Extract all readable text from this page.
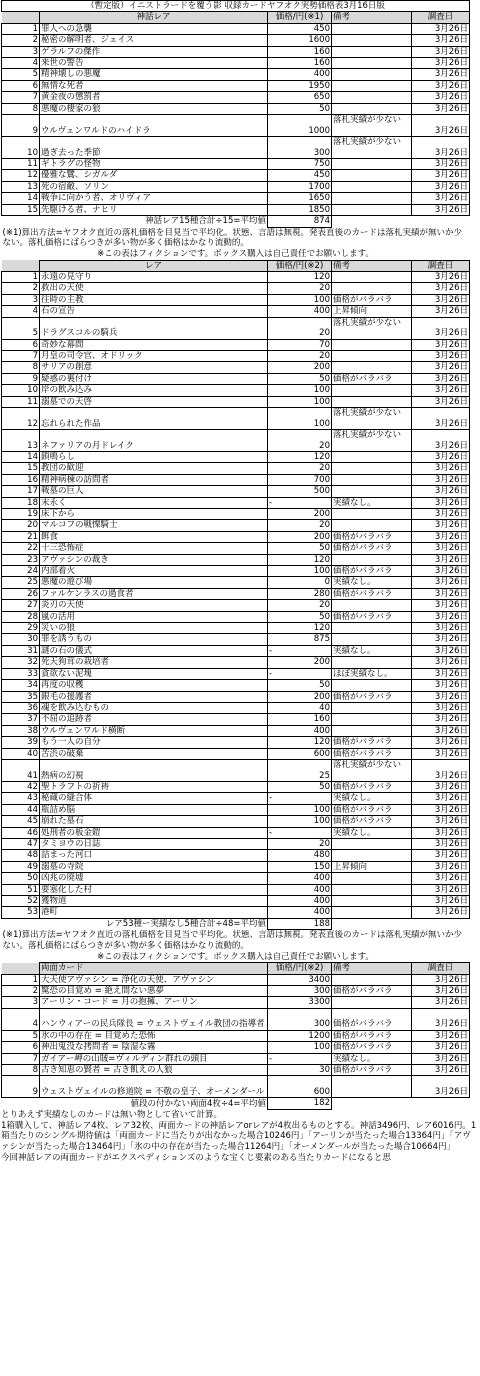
（暫定版）イニストラードを覆う影 収録カードヤフオク実勢価格表3月16日版				
	神話レア	価格/円(※1)	備考	調査日
1	罪人への急襲	450		3月26日
2	秘密の解明者、ジェイス	1600		3月26日
3	ゲラルフの傑作	160		3月26日
4	来世の警告	160		3月26日
5	精神壊しの悪魔	400		3月26日
6	無情な死者	1950		3月26日
7	黄金夜の懲罰者	650		3月26日
8	悪魔の棲家の狼	50		3月26日
9	ウルヴェンワルドのハイドラ	1000	落札実績が少ない	3月26日
10	過ぎ去った季節	300	落札実績が少ない	3月26日
11	ギトラグの怪物	750		3月26日
12	優雅な鷺、シガルダ	450		3月26日
13	死の宿敵、ソリン	1700		3月26日
14	戦争に向かう者、オリヴィア	1650		3月26日
15	先駆ける者、ナヒリ	1850		3月26日
神話レア15種合計÷15=平均値		874		
(※1)算出方法=ヤフオク直近の落札価格を目見当で平均化。状態、言語は無視。発表直後のカードは落札実績が無いか少ない。落札価格にばらつきが多い物が多く価格はかなり流動的。				
※この表はフィクションです。ボックス購入は自己責任でお願いします。				
	レア	価格/円(※2)	備考	調査日
1	永遠の見守り	120		3月26日
2	救出の天使	20		3月26日
3	往時の主教	100	価格がバラバラ	3月26日
4	石の宣告	400	上昇傾向	3月26日
5	ドラグスコルの騎兵	20	落札実績が少ない	3月26日
6	奇妙な幕間	70		3月26日
7	月皇の司令官、オドリック	20		3月26日
8	サリアの創意	200		3月26日
9	疑惑の裏付け	50	価格がバラバラ	3月26日
10	岸の飲み込み	100		3月26日
11	溺墓での天啓	100		3月26日
12	忘れられた作品	100	落札実績が少ない	3月26日
13	ネファリアの月ドレイク	20	落札実績が少ない	3月26日
14	鎖鳴らし	120		3月26日
15	教団の歓迎	20		3月26日
16	精神病棟の訪問者	700		3月26日
17	戦墓の巨人	500		3月26日
18	末永く	-	実績なし。	3月26日
19	床下から	200		3月26日
20	マルコフの戦慄騎士	20		3月26日
21	餌食	200	価格がバラバラ	3月26日
22	十三恐怖症	50	価格がバラバラ	3月26日
23	アヴァシンの裁き	120		3月26日
24	内部着火	100	価格がバラバラ	3月26日
25	悪魔の遊び場	0	実績なし。	3月26日
26	ファルケンラスの過食者	280	価格がバラバラ	3月26日
27	炎刃の天使	20		3月26日
28	嵐の活用	50	価格がバラバラ	3月26日
29	災いの狼	120		3月26日
30	罪を誘うもの	875		3月26日
31	謎の石の儀式	-	実績なし。	3月26日
32	死天狗茸の栽培者	200		3月26日
33	貪欲ない泥塊	-	ほぼ実績なし。	3月26日
34	再度の収穫	50		3月26日
35	銀毛の援護者	200	価格がバラバラ	3月26日
36	魂を飲み込むもの	40		3月26日
37	不屈の追跡者	160		3月26日
38	ウルヴェンワルド横断	400		3月26日
39	もう一人の自分	120	価格がバラバラ	3月26日
40	苦渋の破棄	600	価格がバラバラ	3月26日
41	熱病の幻視	25	落札実績が少ない	3月26日
42	聖トラフトの祈祷	50	価格がバラバラ	3月26日
43	秘蔵の縫合体	-	実績なし。	3月26日
44	瓶詰め脳	100	価格がバラバラ	3月26日
45	崩れた墓石	100	価格がバラバラ	3月26日
46	処刑者の板金鎧	-	実績なし。	3月26日
47	タミヨウの日誌	20		3月26日
48	詰まった河口	480		3月26日
49	溺墓の寺院	150	上昇傾向	3月26日
50	凶兆の廃墟	400		3月26日
51	要塞化した村	400		3月26日
52	獲物道	400		3月26日
53	港町	400		3月26日
レア53種ー実績なし5種合計÷48=平均値		188		
(※1)算出方法=ヤフオク直近の落札価格を目見当で平均化。状態、言語は無視。発表直後のカードは落札実績が無いか少ない。落札価格にばらつきが多い物が多く価格はかなり流動的。				
※この表はフィクションです。ボックス購入は自己責任でお願いします。				
	両面カード	価格/円(※2)	備考	調査日
1	大天使アヴァシン = 浄化の天使、アヴァシン	3400		3月26日
2	驚恐の目覚め = 絶え間ない悪夢	300	価格がバラバラ	3月26日
3	アーリン・コード = 月の抱擁、アーリン	3300		3月26日
4	ハンウィアーの民兵隊長 = ウェストヴェイル教団の指導者	300	価格がバラバラ	3月26日
5	氷の中の存在 = 目覚めた恐怖	1200	価格がバラバラ	3月26日
6	神出鬼没な拷問者 = 陰湿な霧	100	価格がバラバラ	3月26日
7	ガイアー岬の山賊=ヴィルディン群れの頭目	-	実績なし。	3月26日
8	古き知恵の賢者 = 古き飢えの人狼	30	価格がバラバラ	3月26日
9	ウェストヴェイルの修道院 = 不敬の皇子、オーメンダール	600		3月26日
値段の付かない両面4枚÷4=平均値		182		
とりあえず実績なしのカードは無い物として省いて計算。
1箱購入して、神話レア4枚、レア32枚、両面カードの神話レアorレアが4枚出るものとする。神話3496円、レア6016円。1箱当たりのシングル期待値は「両面カードに当たりが出なかった場合10246円」「アーリンが当たった場合13364円」「アヴァシンが当たった場合13464円」「氷の中の存在が当たった場合11264円」「オーメンダールが当たった場合10664円」
今回神話レアの両面カードがエクスペディションズのような宝くじ要素のある当たりカードになると思
